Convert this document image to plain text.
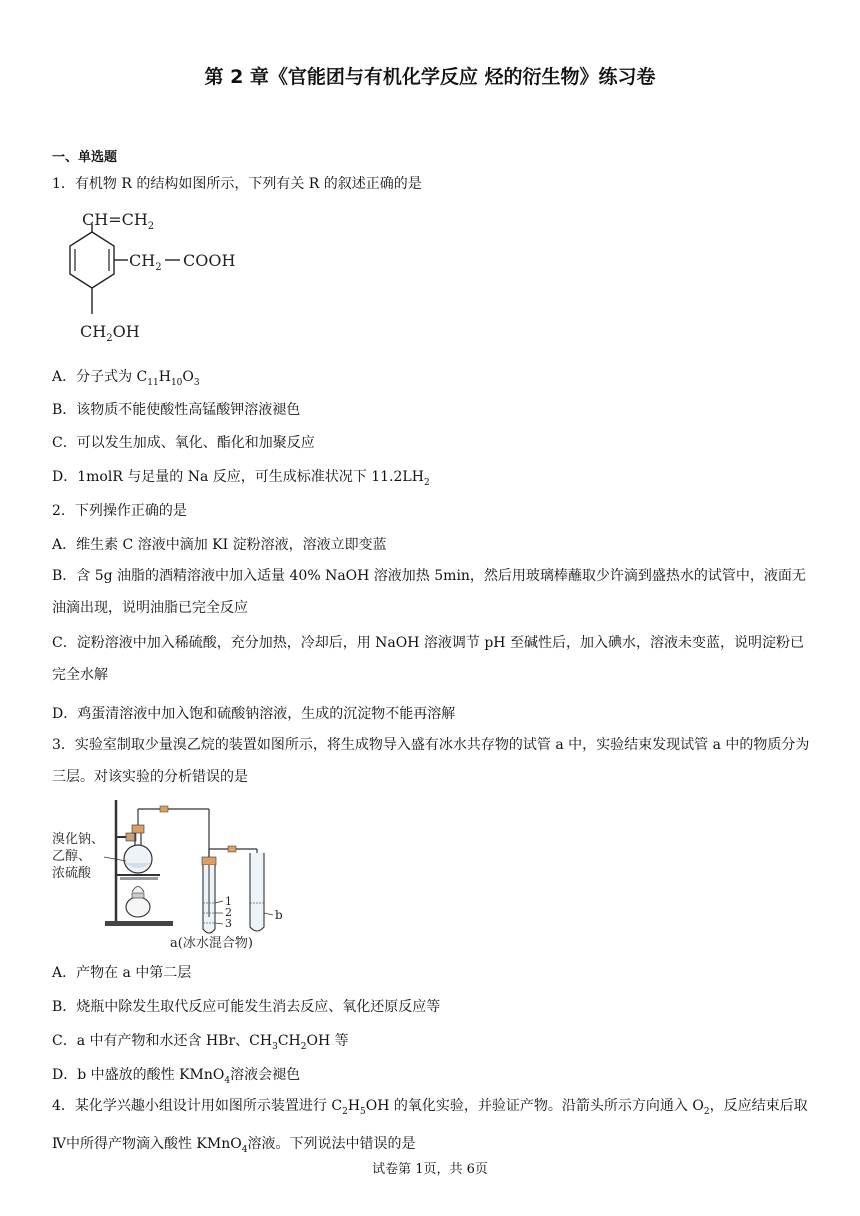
第 2 章《官能团与有机化学反应 烃的衍生物》练习卷
一、单选题
1．有机物 R 的结构如图所示，下列有关 R 的叙述正确的是
$CH=CH_2$
$CH_2$ COOH
$CH_2OH$
A．分子式为 $C_{11}H_{10}O_3$
B．该物质不能使酸性高锰酸钾溶液褪色
C．可以发生加成、氧化、酯化和加聚反应
D．1molR 与足量的 Na 反应，可生成标准状况下 $11.2LH_2$
2．下列操作正确的是
A．维生素 C 溶液中滴加 KI 淀粉溶液，溶液立即变蓝
B．含 5g 油脂的酒精溶液中加入适量 40% NaOH 溶液加热 5min，然后用玻璃棒蘸取少许滴到盛热水的试管中，液面无油滴出现，说明油脂已完全反应
C．淀粉溶液中加入稀硫酸，充分加热，冷却后，用 NaOH 溶液调节 pH 至碱性后，加入碘水，溶液未变蓝，说明淀粉已完全水解
D．鸡蛋清溶液中加入饱和硫酸钠溶液，生成的沉淀物不能再溶解
3．实验室制取少量溴乙烷的装置如图所示，将生成物导入盛有冰水共存物的试管 a 中，实验结束发现试管 a 中的物质分为三层。对该实验的分析错误的是
溴化钠、
乙醇、
浓硫酸
1
2
3
b
a(冰水混合物)
A．产物在 a 中第二层
B．烧瓶中除发生取代反应可能发生消去反应、氧化还原反应等
C．a 中有产物和水还含 HBr、$CH_3CH_2OH$ 等
D．b 中盛放的酸性 KMnO$_4$溶液会褪色
4．某化学兴趣小组设计用如图所示装置进行 $C_2H_5OH$ 的氧化实验，并验证产物。沿箭头所示方向通入 $O_2$，反应结束后取Ⅳ中所得产物滴入酸性 KMnO$_4$溶液。下列说法中错误的是
试卷第 1页，共 6页
